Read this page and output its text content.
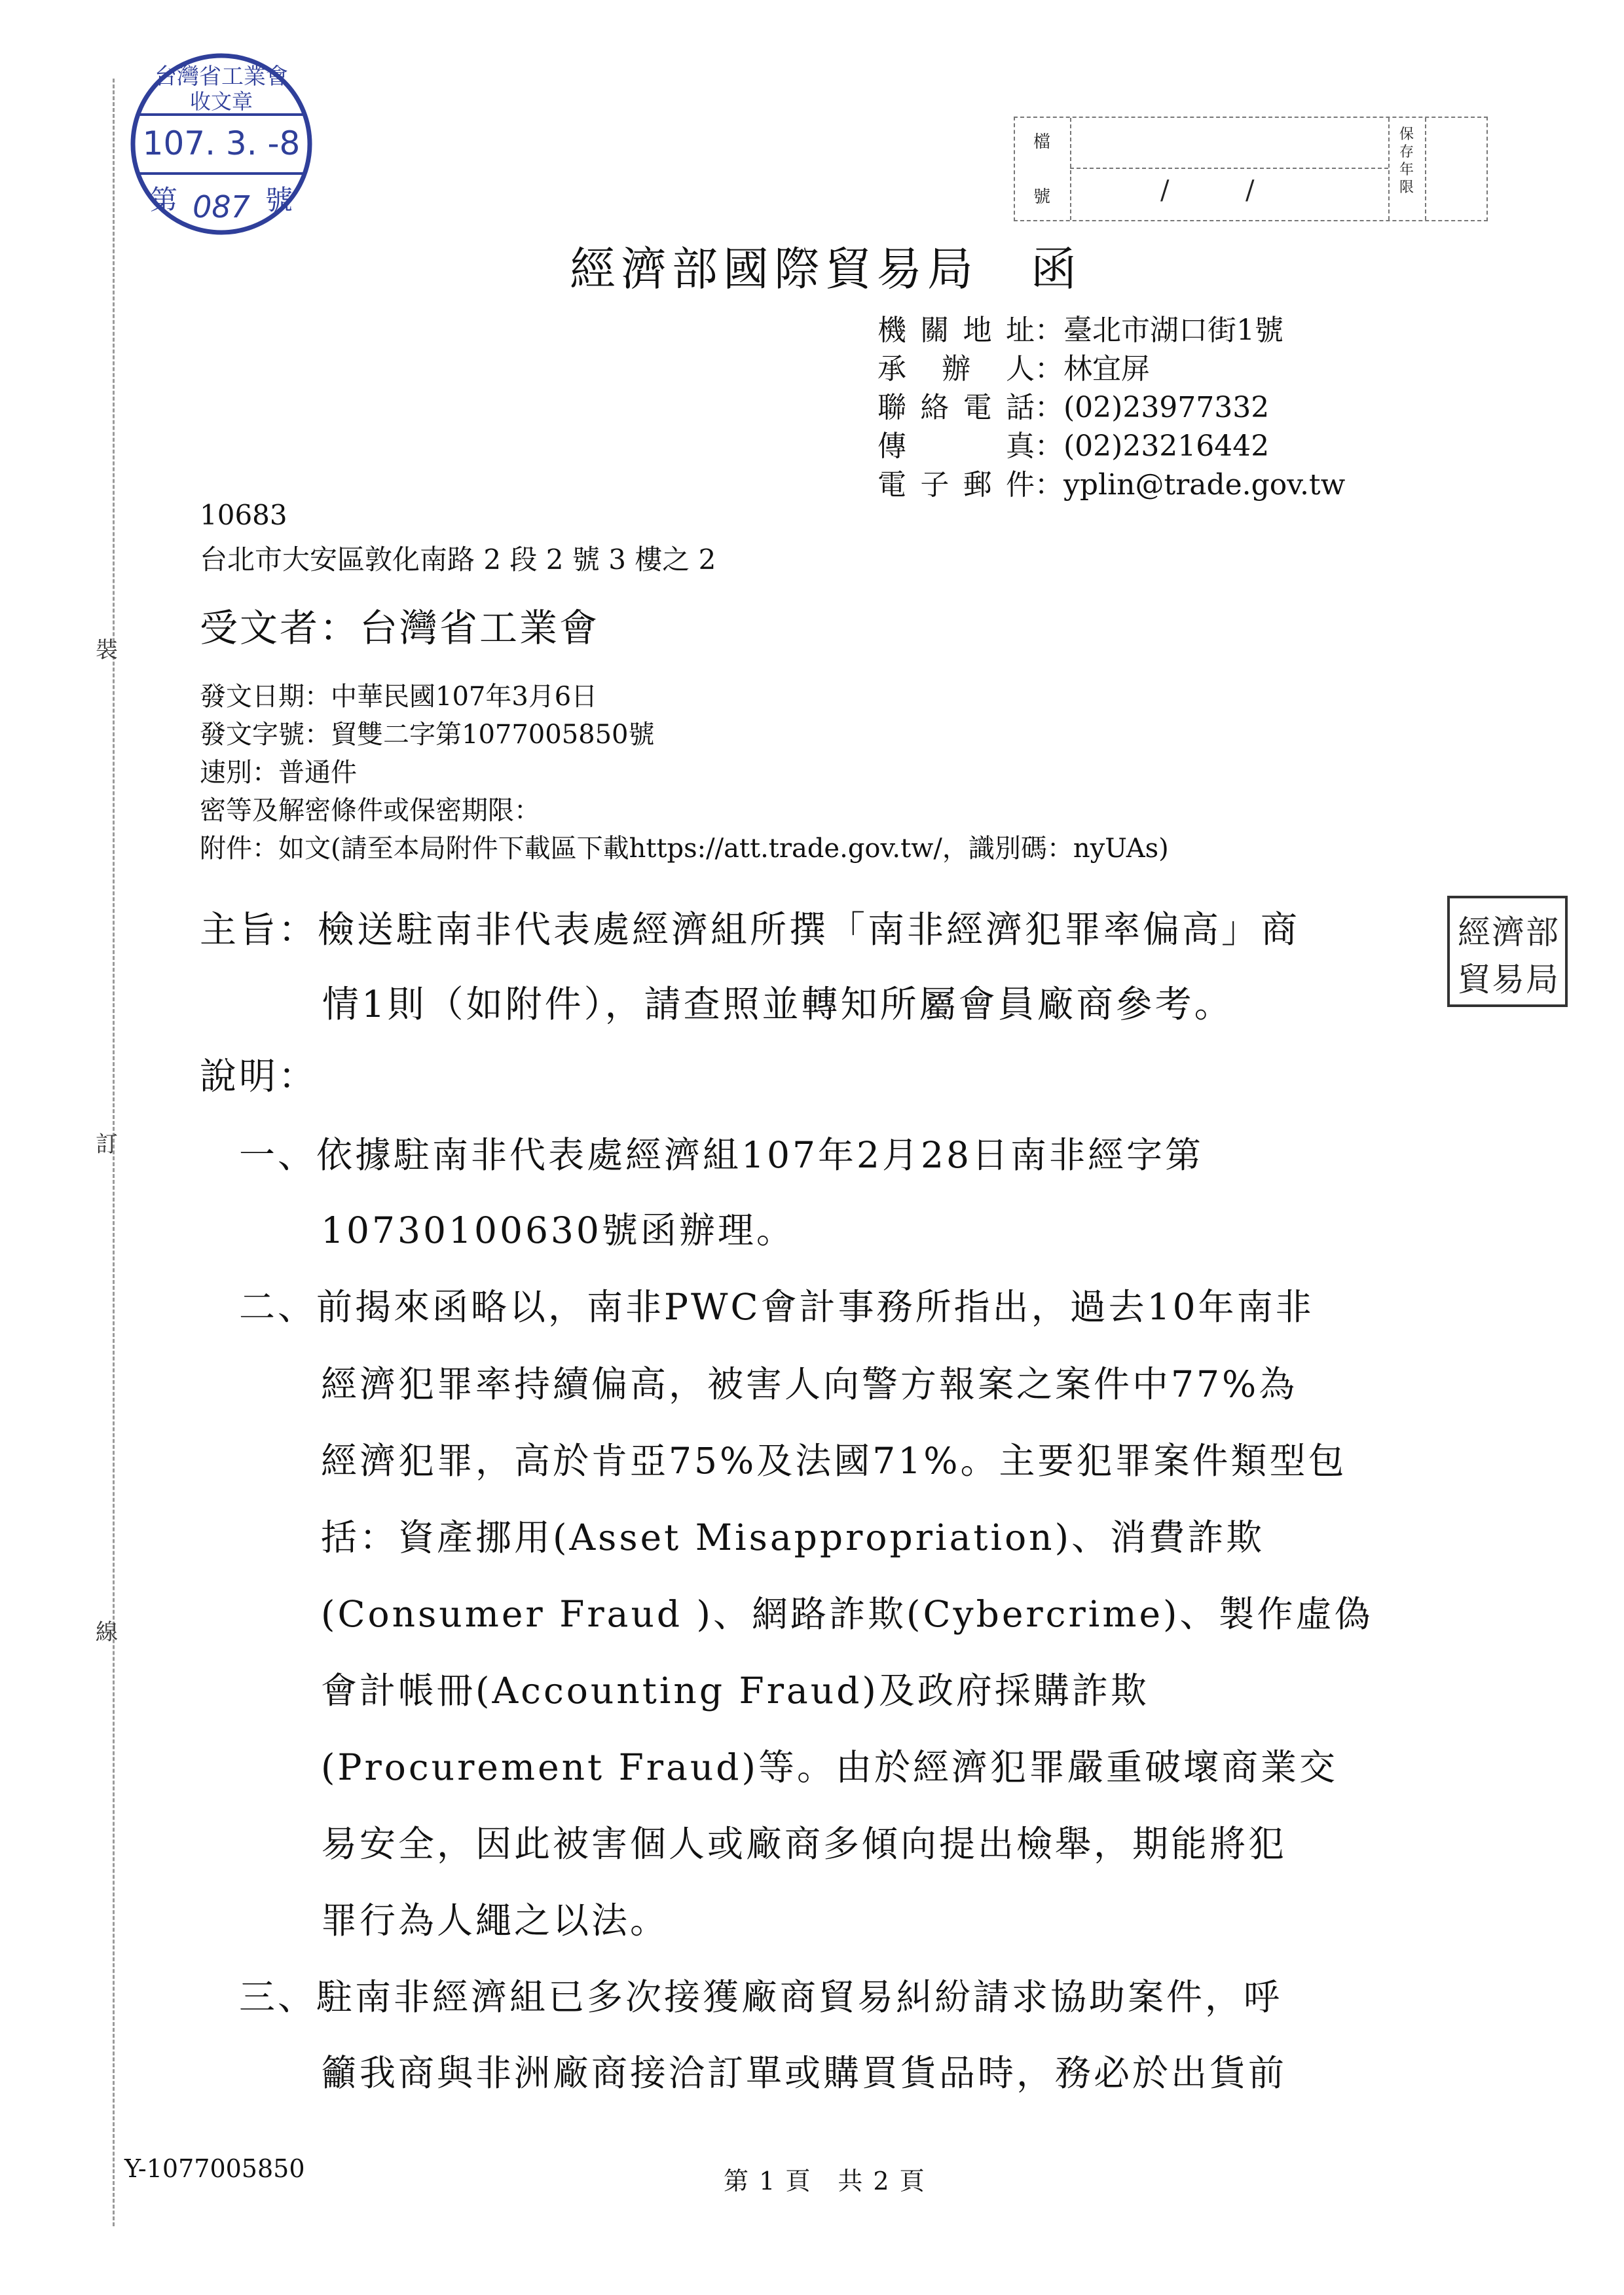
裝
訂
線
台灣省工業會
收文章
107. 3. -8
第 087 號
檔
號	/	/
保存年限
經濟部國際貿易局 函
機關地址：臺北市湖口街1號
承辦人：林宜屏
聯絡電話：(02)23977332
傳真：(02)23216442
電子郵件：yplin@trade.gov.tw
10683
台北市大安區敦化南路 2 段 2 號 3 樓之 2
受文者：台灣省工業會
發文日期：中華民國107年3月6日
發文字號：貿雙二字第1077005850號
速別：普通件
密等及解密條件或保密期限：
附件：如文(請至本局附件下載區下載https://att.trade.gov.tw/，識別碼：nyUAs)
主旨：檢送駐南非代表處經濟組所撰「南非經濟犯罪率偏高」商
情1則（如附件），請查照並轉知所屬會員廠商參考。
經濟部
貿易局
說明：
一、依據駐南非代表處經濟組107年2月28日南非經字第
10730100630號函辦理。
二、前揭來函略以，南非PWC會計事務所指出，過去10年南非
經濟犯罪率持續偏高，被害人向警方報案之案件中77%為
經濟犯罪，高於肯亞75%及法國71%。主要犯罪案件類型包
括：資產挪用(Asset Misappropriation)、消費詐欺
(Consumer Fraud )、網路詐欺(Cybercrime)、製作虛偽
會計帳冊(Accounting Fraud)及政府採購詐欺
(Procurement Fraud)等。由於經濟犯罪嚴重破壞商業交
易安全，因此被害個人或廠商多傾向提出檢舉，期能將犯
罪行為人繩之以法。
三、駐南非經濟組已多次接獲廠商貿易糾紛請求協助案件，呼
籲我商與非洲廠商接洽訂單或購買貨品時，務必於出貨前
Y-1077005850	第 1 頁　共 2 頁
